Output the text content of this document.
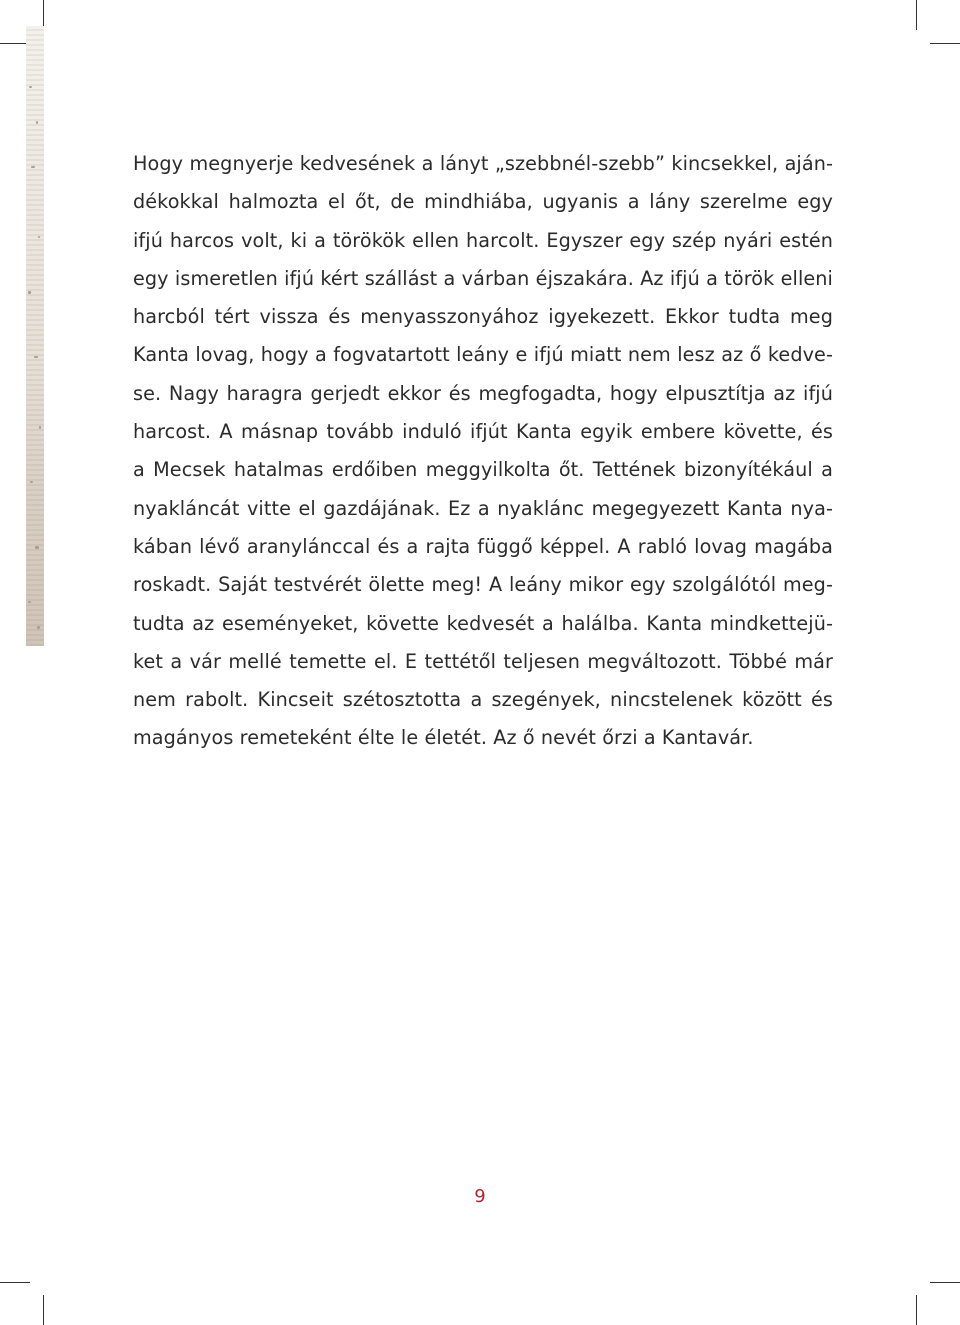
Hogy megnyerje kedvesének a lányt „szebbnél-szebb” kincsekkel, aján-
dékokkal halmozta el őt, de mindhiába, ugyanis a lány szerelme egy
ifjú harcos volt, ki a törökök ellen harcolt. Egyszer egy szép nyári estén
egy ismeretlen ifjú kért szállást a várban éjszakára. Az ifjú a török elleni
harcból tért vissza és menyasszonyához igyekezett. Ekkor tudta meg
Kanta lovag, hogy a fogvatartott leány e ifjú miatt nem lesz az ő kedve-
se. Nagy haragra gerjedt ekkor és megfogadta, hogy elpusztítja az ifjú
harcost. A másnap tovább induló ifjút Kanta egyik embere követte, és
a Mecsek hatalmas erdőiben meggyilkolta őt. Tettének bizonyítékául a
nyakláncát vitte el gazdájának. Ez a nyaklánc megegyezett Kanta nya-
kában lévő aranylánccal és a rajta függő képpel. A rabló lovag magába
roskadt. Saját testvérét ölette meg! A leány mikor egy szolgálótól meg-
tudta az eseményeket, követte kedvesét a halálba. Kanta mindkettejü-
ket a vár mellé temette el. E tettétől teljesen megváltozott. Többé már
nem rabolt. Kincseit szétosztotta a szegények, nincstelenek között és
magányos remeteként élte le életét. Az ő nevét őrzi a Kantavár.

9
